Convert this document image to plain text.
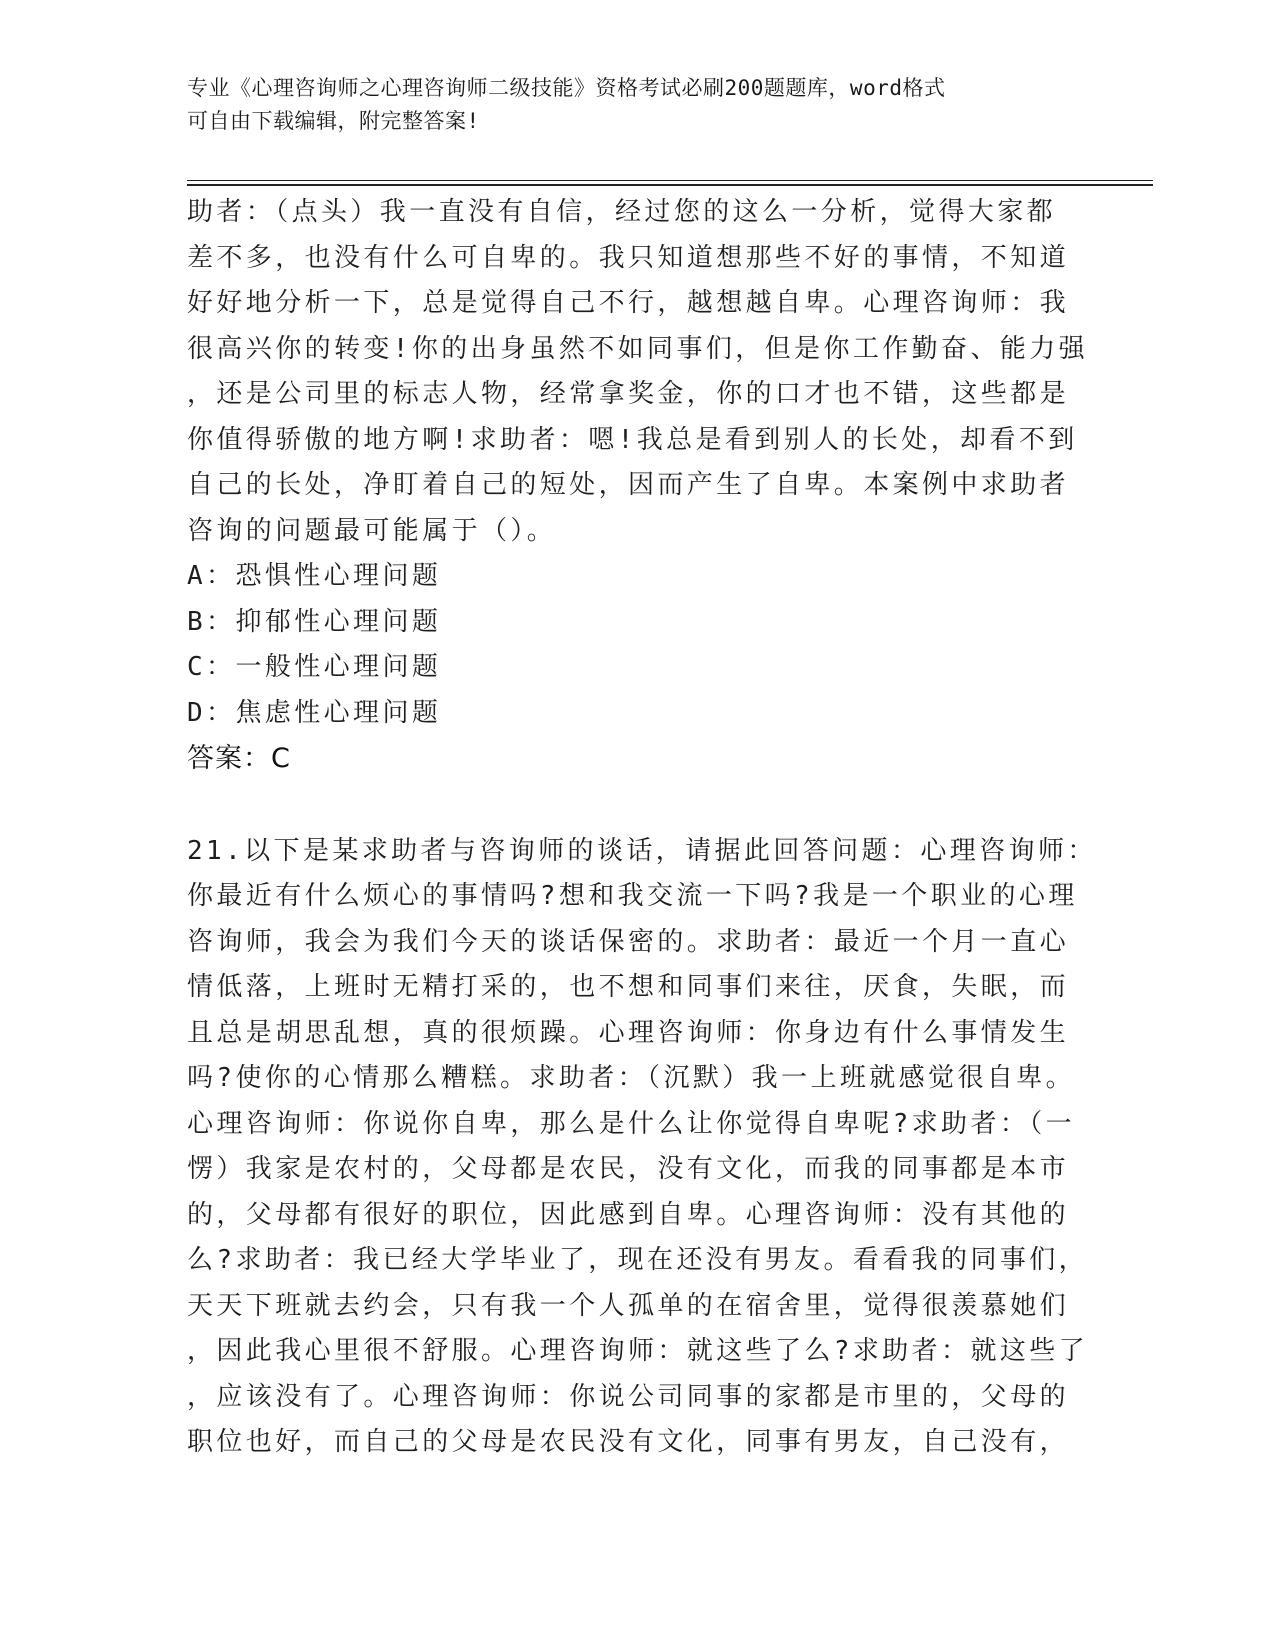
专业《心理咨询师之心理咨询师二级技能》资格考试必刷200题题库，word格式
可自由下载编辑，附完整答案!
助者：（点头）我一直没有自信，经过您的这么一分析，觉得大家都
差不多，也没有什么可自卑的。我只知道想那些不好的事情，不知道
好好地分析一下，总是觉得自己不行，越想越自卑。心理咨询师：我
很高兴你的转变!你的出身虽然不如同事们，但是你工作勤奋、能力强
，还是公司里的标志人物，经常拿奖金，你的口才也不错，这些都是
你值得骄傲的地方啊!求助者：嗯!我总是看到别人的长处，却看不到
自己的长处，净盯着自己的短处，因而产生了自卑。本案例中求助者
咨询的问题最可能属于（）。
A：恐惧性心理问题
B：抑郁性心理问题
C：一般性心理问题
D：焦虑性心理问题
答案：C
21.以下是某求助者与咨询师的谈话，请据此回答问题：心理咨询师：
你最近有什么烦心的事情吗?想和我交流一下吗?我是一个职业的心理
咨询师，我会为我们今天的谈话保密的。求助者：最近一个月一直心
情低落，上班时无精打采的，也不想和同事们来往，厌食，失眠，而
且总是胡思乱想，真的很烦躁。心理咨询师：你身边有什么事情发生
吗?使你的心情那么糟糕。求助者：（沉默）我一上班就感觉很自卑。
心理咨询师：你说你自卑，那么是什么让你觉得自卑呢?求助者：（一
愣）我家是农村的，父母都是农民，没有文化，而我的同事都是本市
的，父母都有很好的职位，因此感到自卑。心理咨询师：没有其他的
么?求助者：我已经大学毕业了，现在还没有男友。看看我的同事们，
天天下班就去约会，只有我一个人孤单的在宿舍里，觉得很羡慕她们
，因此我心里很不舒服。心理咨询师：就这些了么?求助者：就这些了
，应该没有了。心理咨询师：你说公司同事的家都是市里的，父母的
职位也好，而自己的父母是农民没有文化，同事有男友，自己没有，
